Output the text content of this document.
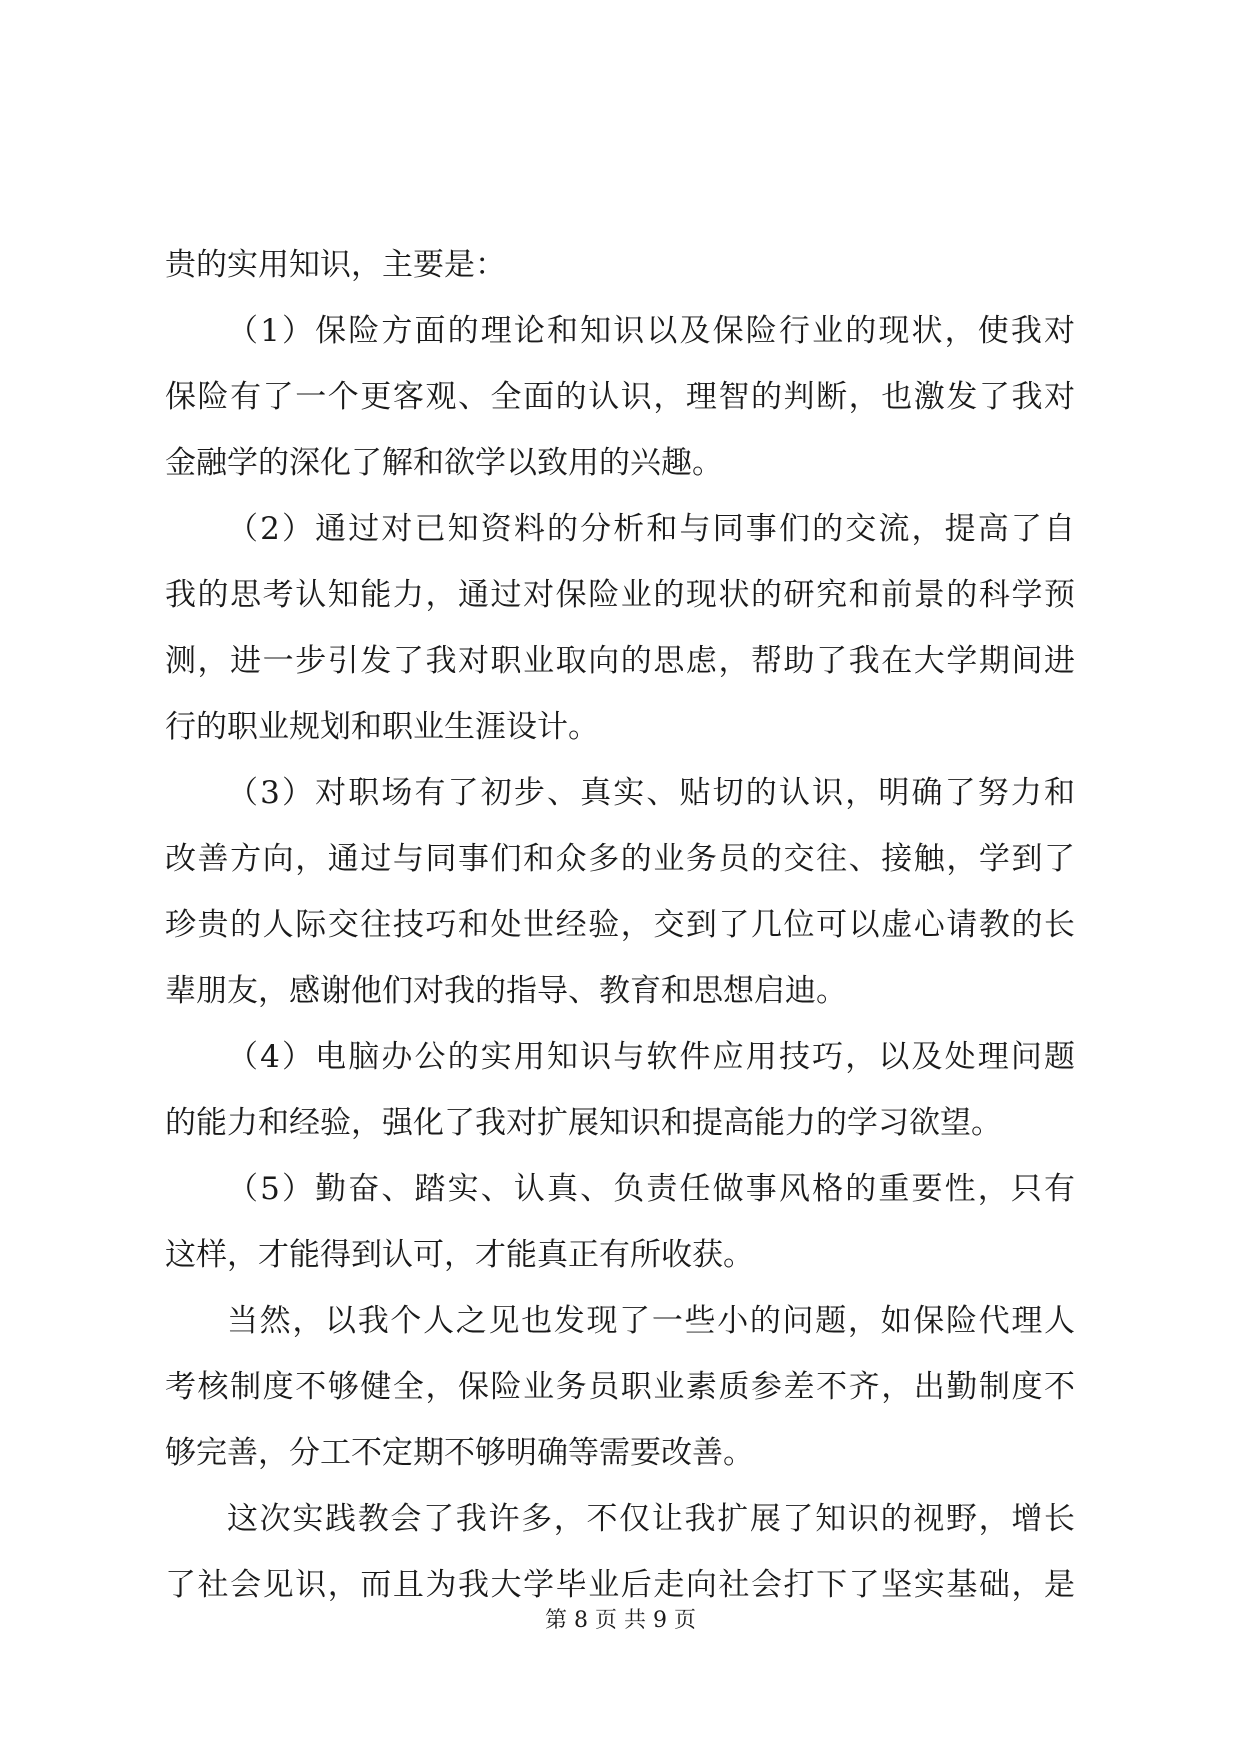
贵的实用知识，主要是：
（1）保险方面的理论和知识以及保险行业的现状，使我对
保险有了一个更客观、全面的认识，理智的判断，也激发了我对
金融学的深化了解和欲学以致用的兴趣。
（2）通过对已知资料的分析和与同事们的交流，提高了自
我的思考认知能力，通过对保险业的现状的研究和前景的科学预
测，进一步引发了我对职业取向的思虑，帮助了我在大学期间进
行的职业规划和职业生涯设计。
（3）对职场有了初步、真实、贴切的认识，明确了努力和
改善方向，通过与同事们和众多的业务员的交往、接触，学到了
珍贵的人际交往技巧和处世经验，交到了几位可以虚心请教的长
辈朋友，感谢他们对我的指导、教育和思想启迪。
（4）电脑办公的实用知识与软件应用技巧，以及处理问题
的能力和经验，强化了我对扩展知识和提高能力的学习欲望。
（5）勤奋、踏实、认真、负责任做事风格的重要性，只有
这样，才能得到认可，才能真正有所收获。
当然，以我个人之见也发现了一些小的问题，如保险代理人
考核制度不够健全，保险业务员职业素质参差不齐，出勤制度不
够完善，分工不定期不够明确等需要改善。
这次实践教会了我许多，不仅让我扩展了知识的视野，增长
了社会见识，而且为我大学毕业后走向社会打下了坚实基础，是
第 8 页 共 9 页
